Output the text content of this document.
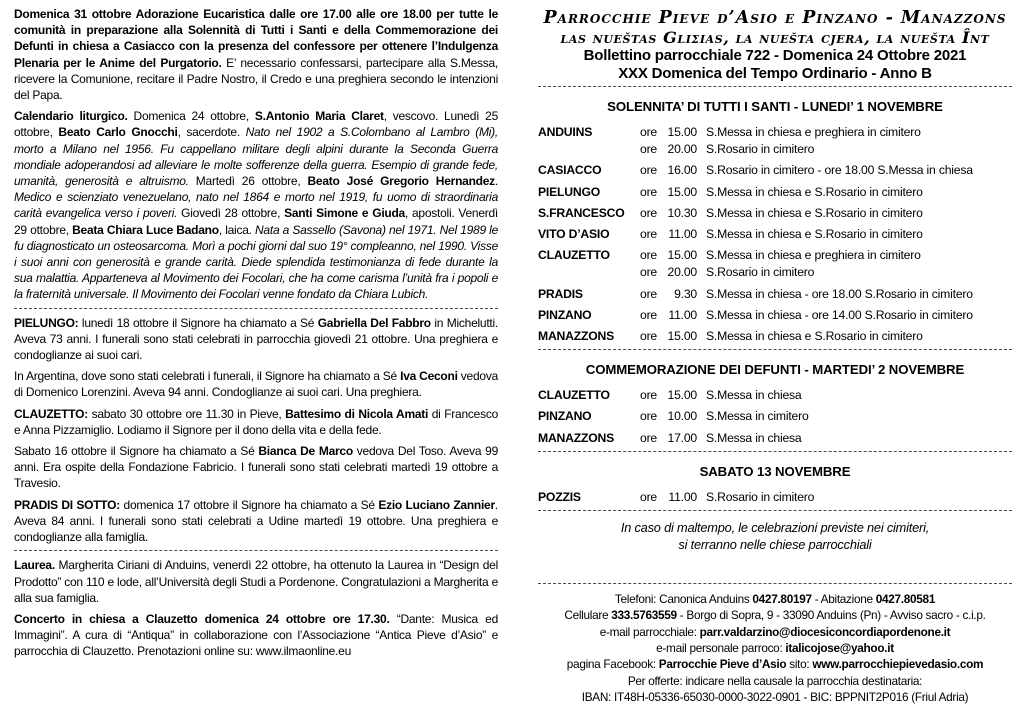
Domenica 31 ottobre Adorazione Eucaristica dalle ore 17.00 alle ore 18.00 per tutte le comunità in preparazione alla Solennità di Tutti i Santi e della Commemorazione dei Defunti in chiesa a Casiacco con la presenza del confessore per ottenere l’Indulgenza Plenaria per le Anime del Purgatorio. E’ necessario confessarsi, partecipare alla S.Messa, ricevere la Comunione, recitare il Padre Nostro, il Credo e una preghiera secondo le intenzioni del Papa.

Calendario liturgico. Domenica 24 ottobre, S.Antonio Maria Claret, vescovo. Lunedì 25 ottobre, Beato Carlo Gnocchi, sacerdote. Nato nel 1902 a S.Colombano al Lambro (Mi), morto a Milano nel 1956. Fu cappellano militare degli alpini durante la Seconda Guerra mondiale adoperandosi ad alleviare le molte sofferenze della guerra. Esempio di grande fede, umanità, generosità e altruismo. Martedì 26 ottobre, Beato José Gregorio Hernandez. Medico e scienziato venezuelano, nato nel 1864 e morto nel 1919, fu uomo di straordinaria carità evangelica verso i poveri. Giovedì 28 ottobre, Santi Simone e Giuda, apostoli. Venerdì 29 ottobre, Beata Chiara Luce Badano, laica. Nata a Sassello (Savona) nel 1971. Nel 1989 le fu diagnosticato un osteosarcoma. Morì a pochi giorni dal suo 19° compleanno, nel 1990. Visse i suoi anni con generosità e grande carità. Diede splendida testimonianza di fede durante la sua malattia. Apparteneva al Movimento dei Focolari, che ha come carisma l’unità fra i popoli e la fraternità universale. Il Movimento dei Focolari venne fondato da Chiara Lubich.

PIELUNGO: lunedì 18 ottobre il Signore ha chiamato a Sé Gabriella Del Fabbro in Michelutti. Aveva 73 anni. I funerali sono stati celebrati in parrocchia giovedì 21 ottobre. Una preghiera e condoglianze ai suoi cari.

In Argentina, dove sono stati celebrati i funerali, il Signore ha chiamato a Sé Iva Ceconi vedova di Domenico Lorenzini. Aveva 94 anni. Condoglianze ai suoi cari. Una preghiera.

CLAUZETTO: sabato 30 ottobre ore 11.30 in Pieve, Battesimo di Nicola Amati di Francesco e Anna Pizzamiglio. Lodiamo il Signore per il dono della vita e della fede.

Sabato 16 ottobre il Signore ha chiamato a Sé Bianca De Marco vedova Del Toso. Aveva 99 anni. Era ospite della Fondazione Fabricio. I funerali sono stati celebrati martedì 19 ottobre a Travesio.

PRADIS DI SOTTO: domenica 17 ottobre il Signore ha chiamato a Sé Ezio Luciano Zannier. Aveva 84 anni. I funerali sono stati celebrati a Udine martedì 19 ottobre. Una preghiera e condoglianze alla famiglia.

Laurea. Margherita Ciriani di Anduins, venerdì 22 ottobre, ha ottenuto la Laurea in “Design del Prodotto” con 110 e lode, all’Università degli Studi a Pordenone. Congratulazioni a Margherita e alla sua famiglia.

Concerto in chiesa a Clauzetto domenica 24 ottobre ore 17.30. “Dante: Musica ed Immagini”. A cura di “Antiqua” in collaborazione con l’Associazione “Antica Pieve d’Asio” e parrocchia di Clauzetto. Prenotazioni online su: www.ilmaonline.eu

Parrocchie Pieve d’Asio e Pinzano - Manazzons
las nueštas Gliʃias, la nuešta cjera, la nuešta Înt
Bollettino parrocchiale 722 - Domenica 24 Ottobre 2021
XXX Domenica del Tempo Ordinario - Anno B
SOLENNITA’ DI TUTTI I SANTI - LUNEDI’ 1 NOVEMBRE
ANDUINS	ore 15.00 S.Messa in chiesa e preghiera in cimitero
ore 20.00 S.Rosario in cimitero
CASIACCO	ore 16.00 S.Rosario in cimitero - ore 18.00 S.Messa in chiesa
PIELUNGO	ore 15.00 S.Messa in chiesa e S.Rosario in cimitero
S.FRANCESCO	ore 10.30 S.Messa in chiesa e S.Rosario in cimitero
VITO D’ASIO	ore 11.00 S.Messa in chiesa e S.Rosario in cimitero
CLAUZETTO	ore 15.00 S.Messa in chiesa e preghiera in cimitero
ore 20.00 S.Rosario in cimitero
PRADIS	ore 9.30 S.Messa in chiesa - ore 18.00 S.Rosario in cimitero
PINZANO	ore 11.00 S.Messa in chiesa - ore 14.00 S.Rosario in cimitero
MANAZZONS	ore 15.00 S.Messa in chiesa e S.Rosario in cimitero
COMMEMORAZIONE DEI DEFUNTI - MARTEDI’ 2 NOVEMBRE
CLAUZETTO	ore 15.00 S.Messa in chiesa
PINZANO	ore 10.00 S.Messa in cimitero
MANAZZONS	ore 17.00 S.Messa in chiesa
SABATO 13 NOVEMBRE
POZZIS	ore 11.00 S.Rosario in cimitero
In caso di maltempo, le celebrazioni previste nei cimiteri,
si terranno nelle chiese parrocchiali
Telefoni: Canonica Anduins 0427.80197 - Abitazione 0427.80581
Cellulare 333.5763559 - Borgo di Sopra, 9 - 33090 Anduins (Pn) - Avviso sacro - c.i.p.
e-mail parrocchiale: parr.valdarzino@diocesiconcordiapordenone.it
e-mail personale parroco: italicojose@yahoo.it
pagina Facebook: Parrocchie Pieve d’Asio sito: www.parrocchiepievedasio.com
Per offerte: indicare nella causale la parrocchia destinataria:
IBAN: IT48H-05336-65030-0000-3022-0901 - BIC: BPPNIT2P016 (Friul Adria)
